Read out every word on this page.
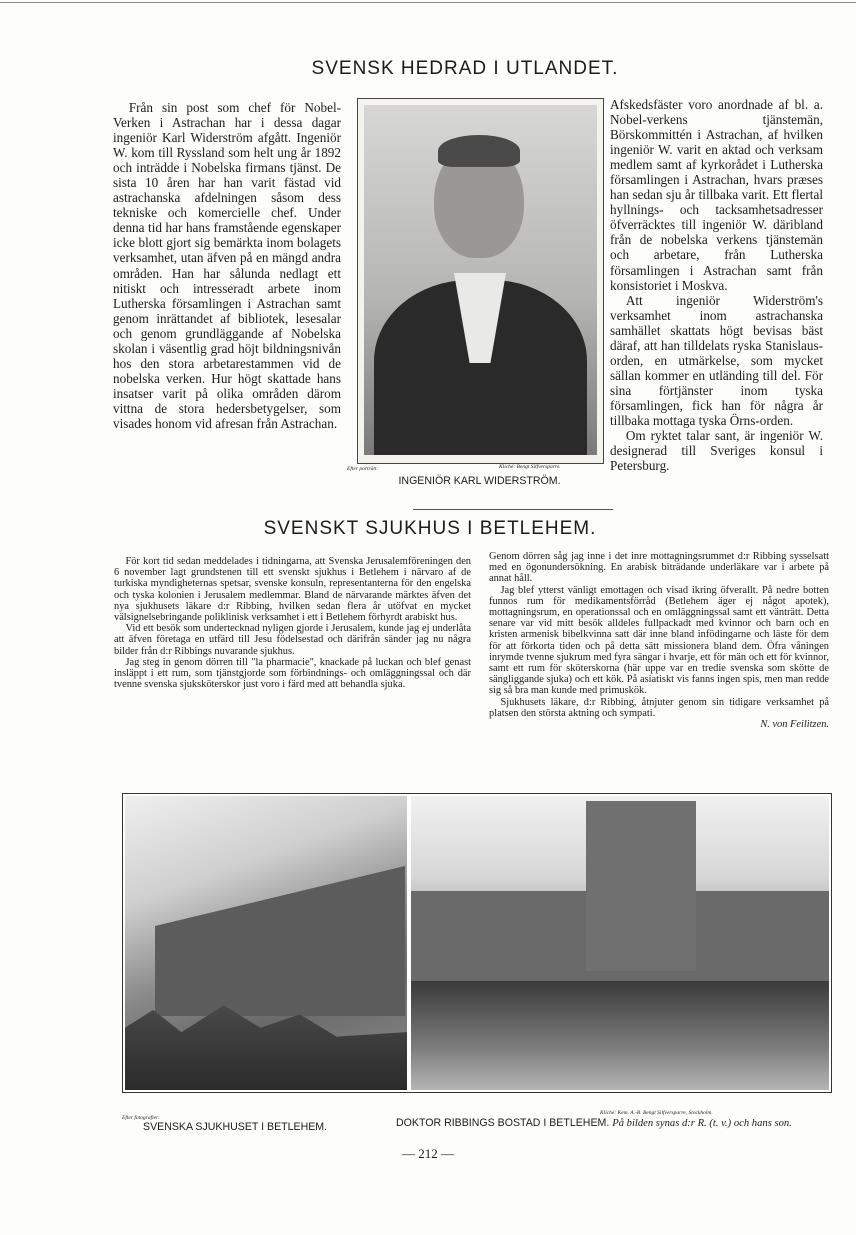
SVENSK HEDRAD I UTLANDET.

Från sin post som chef för Nobel-Verken i Astrachan har i dessa dagar ingeniör Karl Widerström afgått. Ingeniör W. kom till Ryssland som helt ung år 1892 och inträdde i Nobelska firmans tjänst. De sista 10 åren har han varit fästad vid astrachanska afdelningen såsom dess tekniske och komercielle chef. Under denna tid har hans framstående egenskaper icke blott gjort sig bemärkta inom bolagets verksamhet, utan äfven på en mängd andra områden. Han har sålunda nedlagt ett nitiskt och intresseradt arbete inom Lutherska församlingen i Astrachan samt genom inrättandet af bibliotek, lesesalar och genom grundläggande af Nobelska skolan i väsentlig grad höjt bildningsnivån hos den stora arbetarestammen vid de nobelska verken. Hur högt skattade hans insatser varit på olika områden därom vittna de stora hedersbetygelser, som visades honom vid afresan från Astrachan.

Efter porträtt.	Kliché: Bengt Silfversparre.
INGENIÖR KARL WIDERSTRÖM.

Afskedsfäster voro anordnade af bl. a. Nobel-verkens tjänstemän, Börskommittén i Astrachan, af hvilken ingeniör W. varit en aktad och verksam medlem samt af kyrkorådet i Lutherska församlingen i Astrachan, hvars præses han sedan sju år tillbaka varit. Ett flertal hyllnings- och tacksamhetsadresser öfverräcktes till ingeniör W. däribland från de nobelska verkens tjänstemän och arbetare, från Lutherska församlingen i Astrachan samt från konsistoriet i Moskva.

Att ingeniör Widerström's verksamhet inom astrachanska samhället skattats högt bevisas bäst däraf, att han tilldelats ryska Stanislaus-orden, en utmärkelse, som mycket sällan kommer en utländing till del. För sina förtjänster inom tyska församlingen, fick han för några år tillbaka mottaga tyska Örns-orden.

Om ryktet talar sant, är ingeniör W. designerad till Sveriges konsul i Petersburg.

SVENSKT SJUKHUS I BETLEHEM.

För kort tid sedan meddelades i tidningarna, att Svenska Jerusalemföreningen den 6 november lagt grundstenen till ett svenskt sjukhus i Betlehem i närvaro af de turkiska myndigheternas spetsar, svenske konsuln, representanterna för den engelska och tyska kolonien i Jerusalem medlemmar. Bland de närvarande märktes äfven det nya sjukhusets läkare d:r Ribbing, hvilken sedan flera år utöfvat en mycket välsignelsebringande poliklinisk verksamhet i ett i Betlehem förhyrdt arabiskt hus.

Vid ett besök som undertecknad nyligen gjorde i Jerusalem, kunde jag ej underlåta att äfven företaga en utfärd till Jesu födelsestad och därifrån sänder jag nu några bilder från d:r Ribbings nuvarande sjukhus.

Jag steg in genom dörren till "la pharmacie", knackade på luckan och blef genast insläppt i ett rum, som tjänstgjorde som förbindnings- och omläggningssal och där tvenne svenska sjuksköterskor just voro i färd med att behandla sjuka.

Genom dörren såg jag inne i det inre mottagningsrummet d:r Ribbing sysselsatt med en ögonundersökning. En arabisk biträdande underläkare var i arbete på annat håll.

Jag blef ytterst vänligt emottagen och visad ikring öfverallt. På nedre botten funnos rum för medikamentsförråd (Betlehem äger ej något apotek), mottagningsrum, en operationssal och en omläggningssal samt ett vänträtt. Detta senare var vid mitt besök alldeles fullpackadt med kvinnor och barn och en kristen armenisk bibelkvinna satt där inne bland infödingarne och läste för dem för att förkorta tiden och på detta sätt missionera bland dem. Öfra våningen inrymde tvenne sjukrum med fyra sängar i hvarje, ett för män och ett för kvinnor, samt ett rum för sköterskorna (här uppe var en tredie svenska som skötte de sängliggande sjuka) och ett kök. På asiatiskt vis fanns ingen spis, men man redde sig så bra man kunde med primuskök.

Sjukhusets läkare, d:r Ribbing, åtnjuter genom sin tidigare verksamhet på platsen den största aktning och sympati.

N. von Feilitzen.
Efter fotografier.
Kliché: Kem. A.-B. Bengt Silfversparre, Stockholm.
SVENSKA SJUKHUSET I BETLEHEM.	DOKTOR RIBBINGS BOSTAD I BETLEHEM. På bilden synas d:r R. (t. v.) och hans son.
— 212 —
